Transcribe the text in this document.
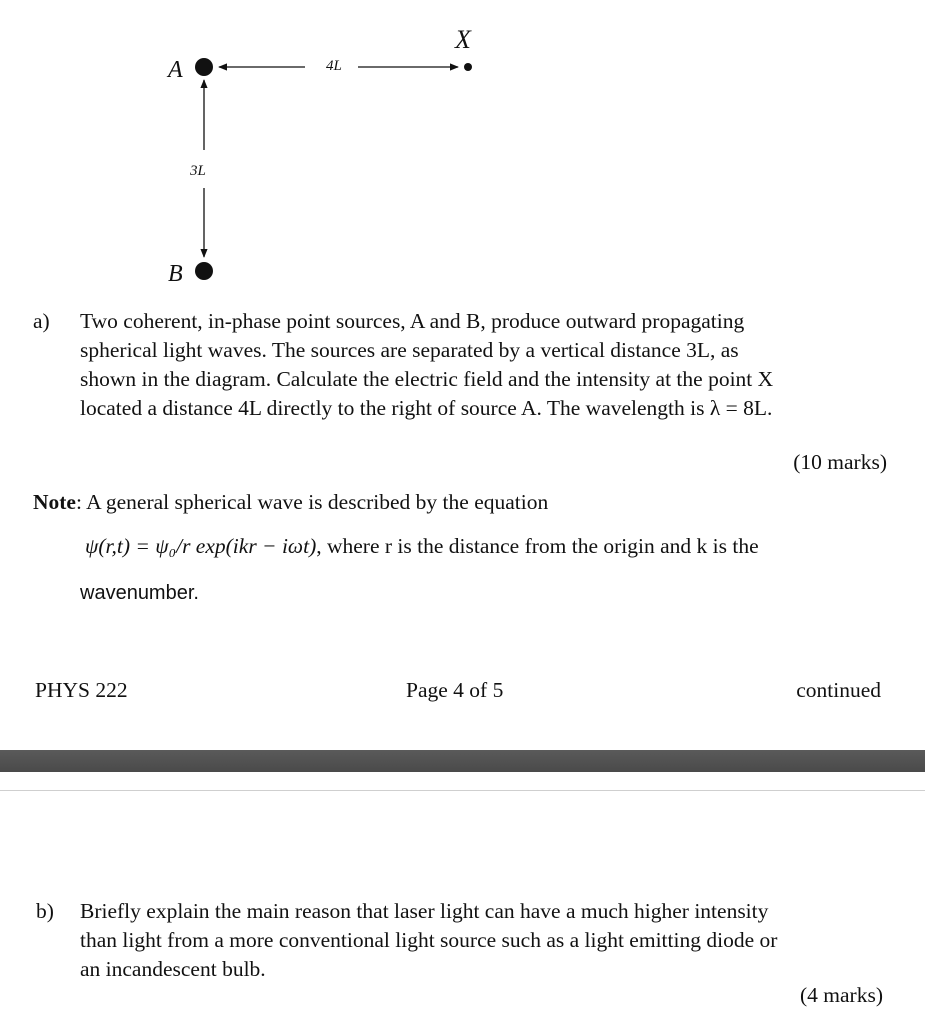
A
B
X
4L
3L
a) Two coherent, in-phase point sources, A and B, produce outward propagating
spherical light waves. The sources are separated by a vertical distance 3L, as
shown in the diagram. Calculate the electric field and the intensity at the point X
located a distance 4L directly to the right of source A. The wavelength is λ = 8L.
(10 marks)
Note: A general spherical wave is described by the equation
ψ(r,t) = ψ₀/r exp(ikr − iωt), where r is the distance from the origin and k is the
wavenumber.
PHYS 222	Page 4 of 5	continued
b) Briefly explain the main reason that laser light can have a much higher intensity
than light from a more conventional light source such as a light emitting diode or
an incandescent bulb.
(4 marks)
